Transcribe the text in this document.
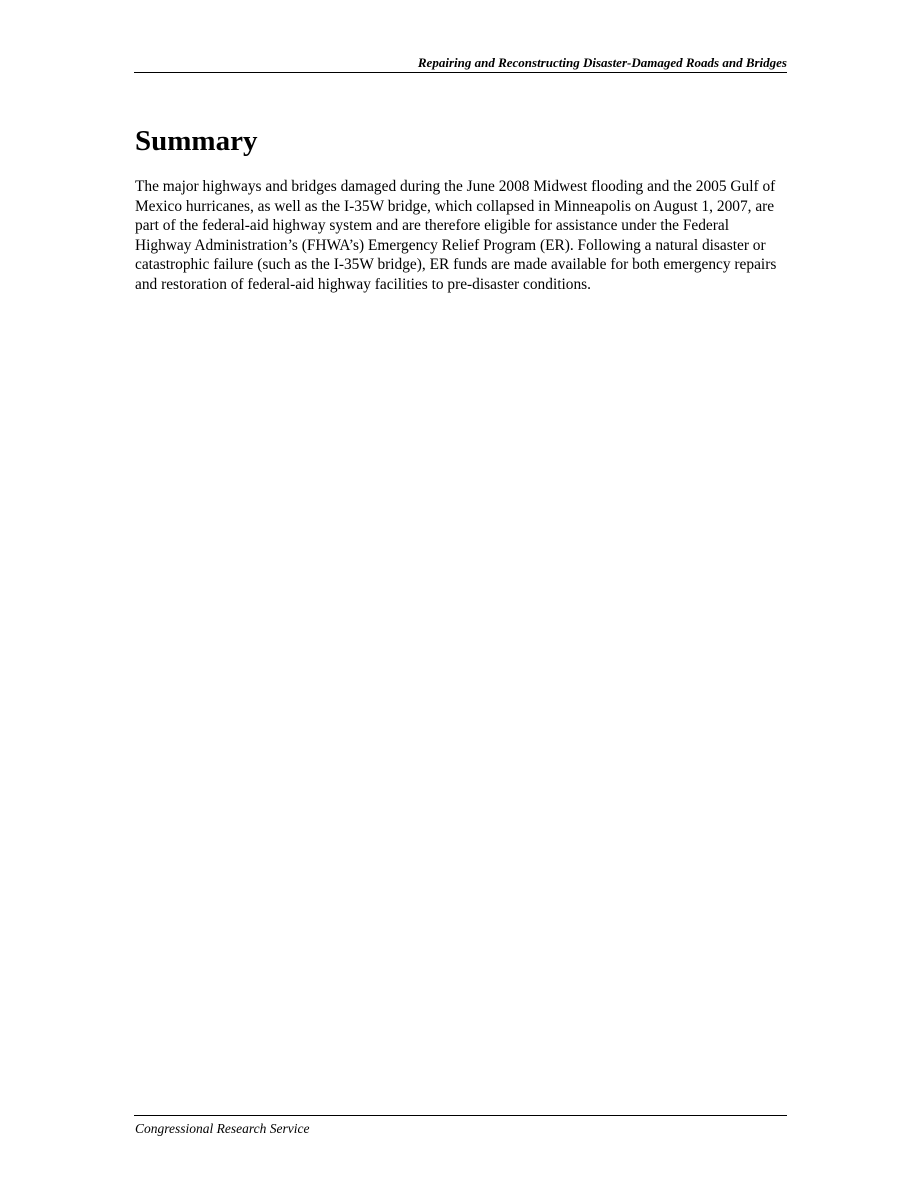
Repairing and Reconstructing Disaster-Damaged Roads and Bridges
Summary

The major highways and bridges damaged during the June 2008 Midwest flooding and the 2005 Gulf of Mexico hurricanes, as well as the I-35W bridge, which collapsed in Minneapolis on August 1, 2007, are part of the federal-aid highway system and are therefore eligible for assistance under the Federal Highway Administration’s (FHWA’s) Emergency Relief Program (ER). Following a natural disaster or catastrophic failure (such as the I-35W bridge), ER funds are made available for both emergency repairs and restoration of federal-aid highway facilities to pre-disaster conditions.

Congressional Research Service
